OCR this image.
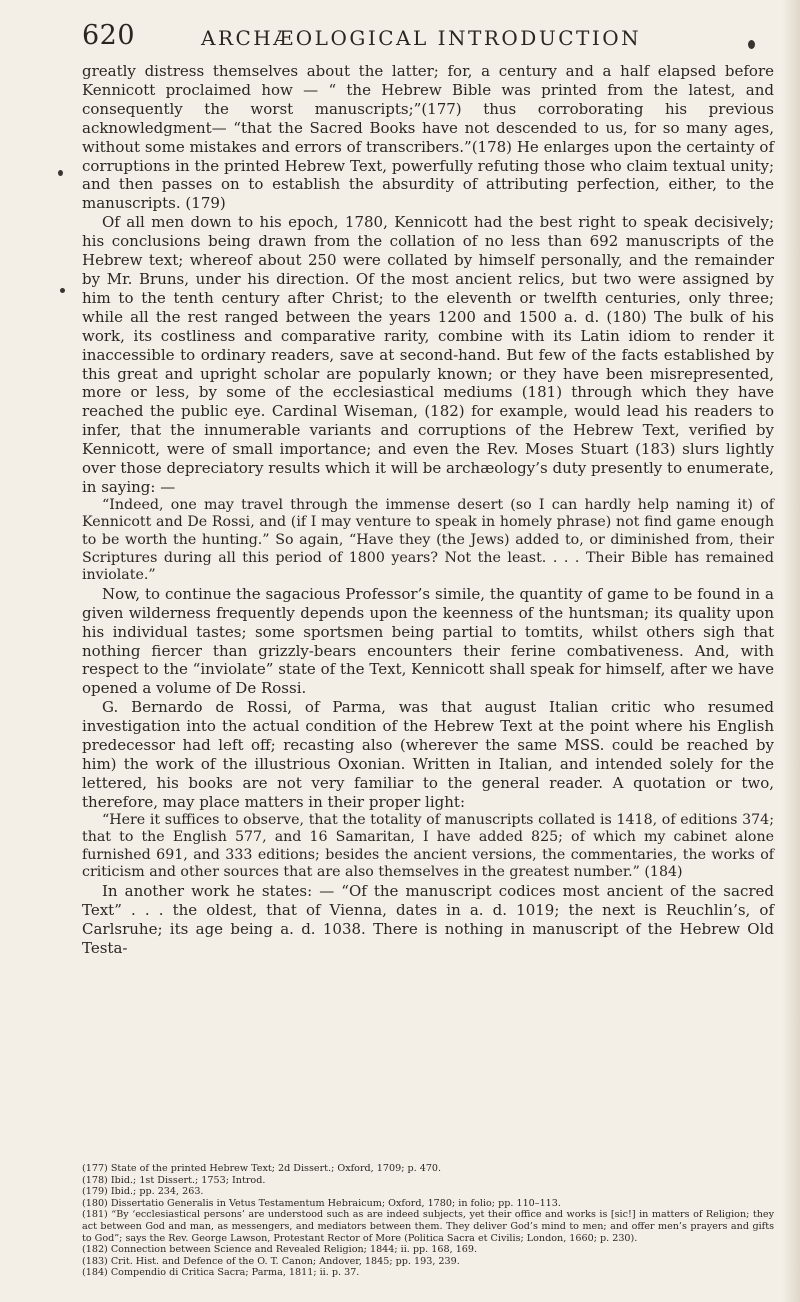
620	ARCHÆOLOGICAL INTRODUCTION

greatly distress themselves about the latter; for, a century and a half elapsed before Kennicott proclaimed how — “ the Hebrew Bible was printed from the latest, and consequently the worst manuscripts;”(177) thus corroborating his previous acknowledgment— “that the Sacred Books have not descended to us, for so many ages, without some mistakes and errors of transcribers.”(178) He enlarges upon the certainty of corruptions in the printed Hebrew Text, powerfully refuting those who claim textual unity; and then passes on to establish the absurdity of attributing perfection, either, to the manuscripts. (179)

Of all men down to his epoch, 1780, Kennicott had the best right to speak decisively; his conclusions being drawn from the collation of no less than 692 manuscripts of the Hebrew text; whereof about 250 were collated by himself personally, and the remainder by Mr. Bruns, under his direction. Of the most ancient relics, but two were assigned by him to the tenth century after Christ; to the eleventh or twelfth centuries, only three; while all the rest ranged between the years 1200 and 1500 a. d. (180) The bulk of his work, its costliness and comparative rarity, combine with its Latin idiom to render it inaccessible to ordinary readers, save at second-hand. But few of the facts established by this great and upright scholar are popularly known; or they have been misrepresented, more or less, by some of the ecclesiastical mediums (181) through which they have reached the public eye. Cardinal Wiseman, (182) for example, would lead his readers to infer, that the innumerable variants and corruptions of the Hebrew Text, verified by Kennicott, were of small importance; and even the Rev. Moses Stuart (183) slurs lightly over those depreciatory results which it will be archæology’s duty presently to enumerate, in saying: —

“Indeed, one may travel through the immense desert (so I can hardly help naming it) of Kennicott and De Rossi, and (if I may venture to speak in homely phrase) not find game enough to be worth the hunting.” So again, “Have they (the Jews) added to, or diminished from, their Scriptures during all this period of 1800 years? Not the least. . . . Their Bible has remained inviolate.”

Now, to continue the sagacious Professor’s simile, the quantity of game to be found in a given wilderness frequently depends upon the keenness of the huntsman; its quality upon his individual tastes; some sportsmen being partial to tomtits, whilst others sigh that nothing fiercer than grizzly-bears encounters their ferine combativeness. And, with respect to the “inviolate” state of the Text, Kennicott shall speak for himself, after we have opened a volume of De Rossi.

G. Bernardo de Rossi, of Parma, was that august Italian critic who resumed investigation into the actual condition of the Hebrew Text at the point where his English predecessor had left off; recasting also (wherever the same MSS. could be reached by him) the work of the illustrious Oxonian. Written in Italian, and intended solely for the lettered, his books are not very familiar to the general reader. A quotation or two, therefore, may place matters in their proper light:

“Here it suffices to observe, that the totality of manuscripts collated is 1418, of editions 374; that to the English 577, and 16 Samaritan, I have added 825; of which my cabinet alone furnished 691, and 333 editions; besides the ancient versions, the commentaries, the works of criticism and other sources that are also themselves in the greatest number.” (184)

In another work he states: — “Of the manuscript codices most ancient of the sacred Text” . . . the oldest, that of Vienna, dates in a. d. 1019; the next is Reuchlin’s, of Carlsruhe; its age being a. d. 1038. There is nothing in manuscript of the Hebrew Old Testa-

(177) State of the printed Hebrew Text; 2d Dissert.; Oxford, 1709; p. 470.

(178) Ibid.; 1st Dissert.; 1753; Introd.

(179) Ibid.; pp. 234, 263.

(180) Dissertatio Generalis in Vetus Testamentum Hebraicum; Oxford, 1780; in folio; pp. 110–113.

(181) “By ‘ecclesiastical persons’ are understood such as are indeed subjects, yet their office and works is [sic!] in matters of Religion; they act between God and man, as messengers, and mediators between them. They deliver God’s mind to men; and offer men’s prayers and gifts to God”; says the Rev. George Lawson, Protestant Rector of More (Politica Sacra et Civilis; London, 1660; p. 230).

(182) Connection between Science and Revealed Religion; 1844; ii. pp. 168, 169.

(183) Crit. Hist. and Defence of the O. T. Canon; Andover, 1845; pp. 193, 239.

(184) Compendio di Critica Sacra; Parma, 1811; ii. p. 37.
